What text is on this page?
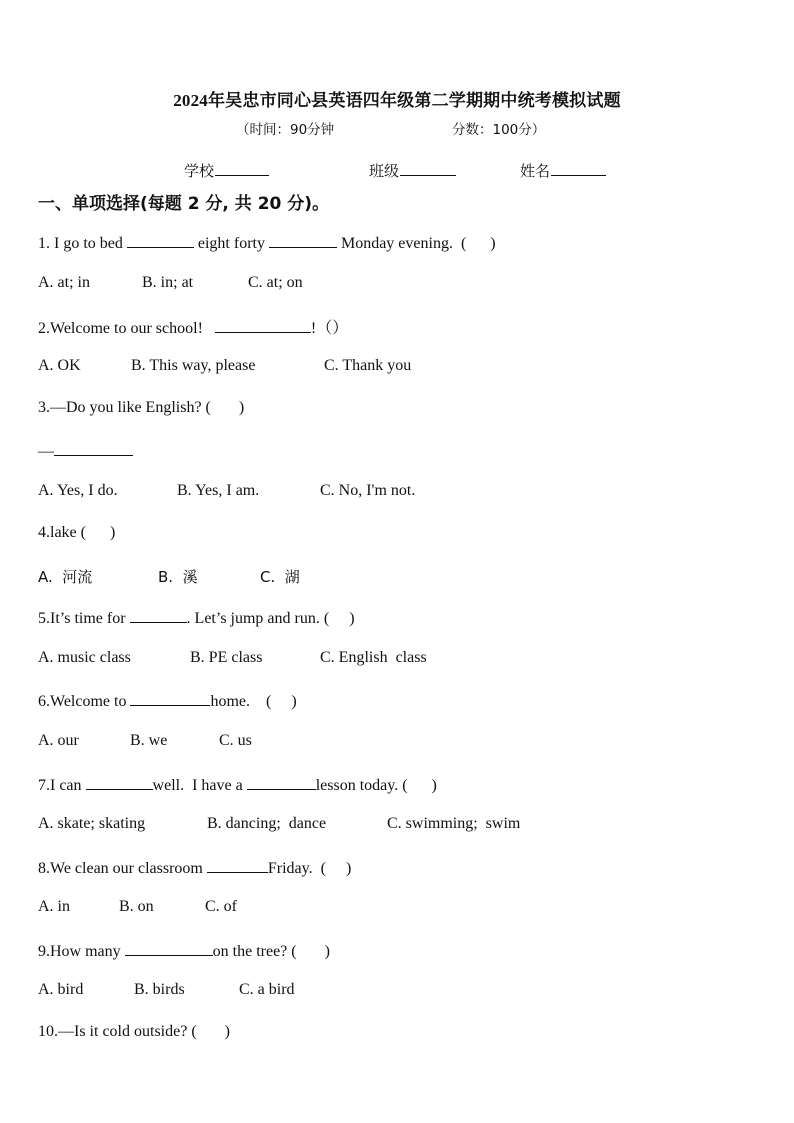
2024年吴忠市同心县英语四年级第二学期期中统考模拟试题
（时间：90分钟	分数：100分）
学校	班级	姓名
一、单项选择(每题 2 分, 共 20 分)。
1. I go to bed	eight forty	Monday evening.  (      )
A. at; in	B. in; at	C. at; on
2.Welcome to our school!	!（）
A. OK	B. This way, please	C. Thank you
3.—Do you like English? (       )
—
A. Yes, I do.	B. Yes, I am.	C. No, I'm not.
4.lake (      )
A.  河流	B.  溪	C.  湖
5.It’s time for	. Let’s jump and run. (     )
A. music class	B. PE class	C. English  class
6.Welcome to	home.    (     )
A. our	B. we	C. us
7.I can	well.  I have a	lesson today. (      )
A. skate; skating	B. dancing;  dance	C. swimming;  swim
8.We clean our classroom	Friday.  (     )
A. in	B. on	C. of
9.How many	on the tree? (       )
A. bird	B. birds	C. a bird
10.—Is it cold outside? (       )
